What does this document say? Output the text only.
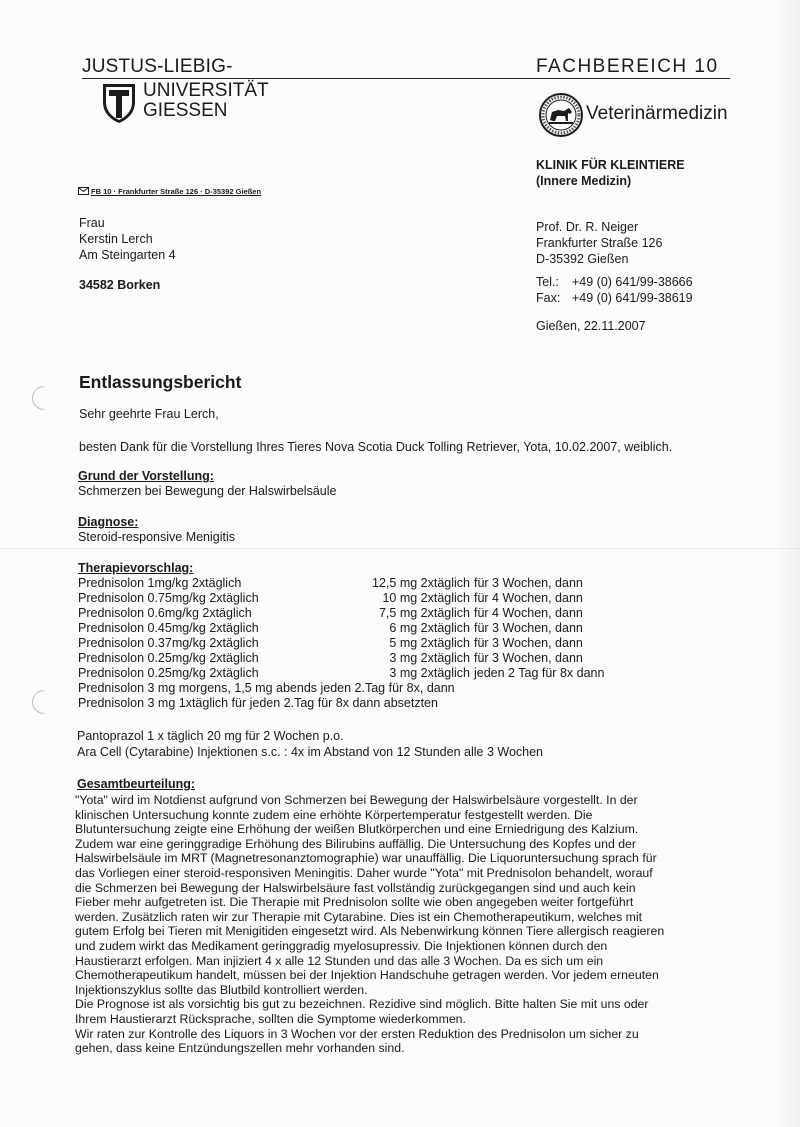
JUSTUS-LIEBIG-	FACHBEREICH 10
UNIVERSITÄT
GIESSEN	Veterinärmedizin
KLINIK FÜR KLEINTIERE
(Innere Medizin)
FB 10 · Frankfurter Straße 126 · D-35392 Gießen
Frau
Kerstin Lerch
Am Steingarten 4
34582 Borken
Prof. Dr. R. Neiger
Frankfurter Straße 126
D-35392 Gießen
Tel.: +49 (0) 641/99-38666
Fax: +49 (0) 641/99-38619
Gießen, 22.11.2007
Entlassungsbericht
Sehr geehrte Frau Lerch,
besten Dank für die Vorstellung Ihres Tieres Nova Scotia Duck Tolling Retriever, Yota, 10.02.2007, weiblich.
Grund der Vorstellung:
Schmerzen bei Bewegung der Halswirbelsäule
Diagnose:
Steroid-responsive Menigitis
Therapievorschlag:
Prednisolon 1mg/kg 2xtäglich	12,5 mg 2xtäglich für 3 Wochen, dann
Prednisolon 0.75mg/kg 2xtäglich	10 mg 2xtäglich für 4 Wochen, dann
Prednisolon 0.6mg/kg 2xtäglich	7,5 mg 2xtäglich für 4 Wochen, dann
Prednisolon 0.45mg/kg 2xtäglich	6 mg 2xtäglich für 3 Wochen, dann
Prednisolon 0.37mg/kg 2xtäglich	5 mg 2xtäglich für 3 Wochen, dann
Prednisolon 0.25mg/kg 2xtäglich	3 mg 2xtäglich für 3 Wochen, dann
Prednisolon 0.25mg/kg 2xtäglich	3 mg 2xtäglich jeden 2 Tag für 8x dann
Prednisolon 3 mg morgens, 1,5 mg abends jeden 2.Tag für 8x, dann
Prednisolon 3 mg 1xtäglich für jeden 2.Tag für 8x dann absetzten
Pantoprazol 1 x täglich 20 mg für 2 Wochen p.o.
Ara Cell (Cytarabine) Injektionen s.c. : 4x im Abstand von 12 Stunden alle 3 Wochen
Gesamtbeurteilung:

"Yota" wird im Notdienst aufgrund von Schmerzen bei Bewegung der Halswirbelsäure vorgestellt. In der

klinischen Untersuchung konnte zudem eine erhöhte Körpertemperatur festgestellt werden. Die

Blutuntersuchung zeigte eine Erhöhung der weißen Blutkörperchen und eine Erniedrigung des Kalzium.

Zudem war eine geringgradige Erhöhung des Bilirubins auffällig. Die Untersuchung des Kopfes und der

Halswirbelsäule im MRT (Magnetresonanztomographie) war unauffällig. Die Liquoruntersuchung sprach für

das Vorliegen einer steroid-responsiven Meningitis. Daher wurde "Yota" mit Prednisolon behandelt, worauf

die Schmerzen bei Bewegung der Halswirbelsäure fast vollständig zurückgegangen sind und auch kein

Fieber mehr aufgetreten ist. Die Therapie mit Prednisolon sollte wie oben angegeben weiter fortgeführt

werden. Zusätzlich raten wir zur Therapie mit Cytarabine. Dies ist ein Chemotherapeutikum, welches mit

gutem Erfolg bei Tieren mit Menigitiden eingesetzt wird. Als Nebenwirkung können Tiere allergisch reagieren

und zudem wirkt das Medikament geringgradig myelosupressiv. Die Injektionen können durch den

Haustierarzt erfolgen. Man injiziert 4 x alle 12 Stunden und das alle 3 Wochen. Da es sich um ein

Chemotherapeutikum handelt, müssen bei der Injektion Handschuhe getragen werden. Vor jedem erneuten

Injektionszyklus sollte das Blutbild kontrolliert werden.

Die Prognose ist als vorsichtig bis gut zu bezeichnen. Rezidive sind möglich. Bitte halten Sie mit uns oder

Ihrem Haustierarzt Rücksprache, sollten die Symptome wiederkommen.

Wir raten zur Kontrolle des Liquors in 3 Wochen vor der ersten Reduktion des Prednisolon um sicher zu

gehen, dass keine Entzündungszellen mehr vorhanden sind.
